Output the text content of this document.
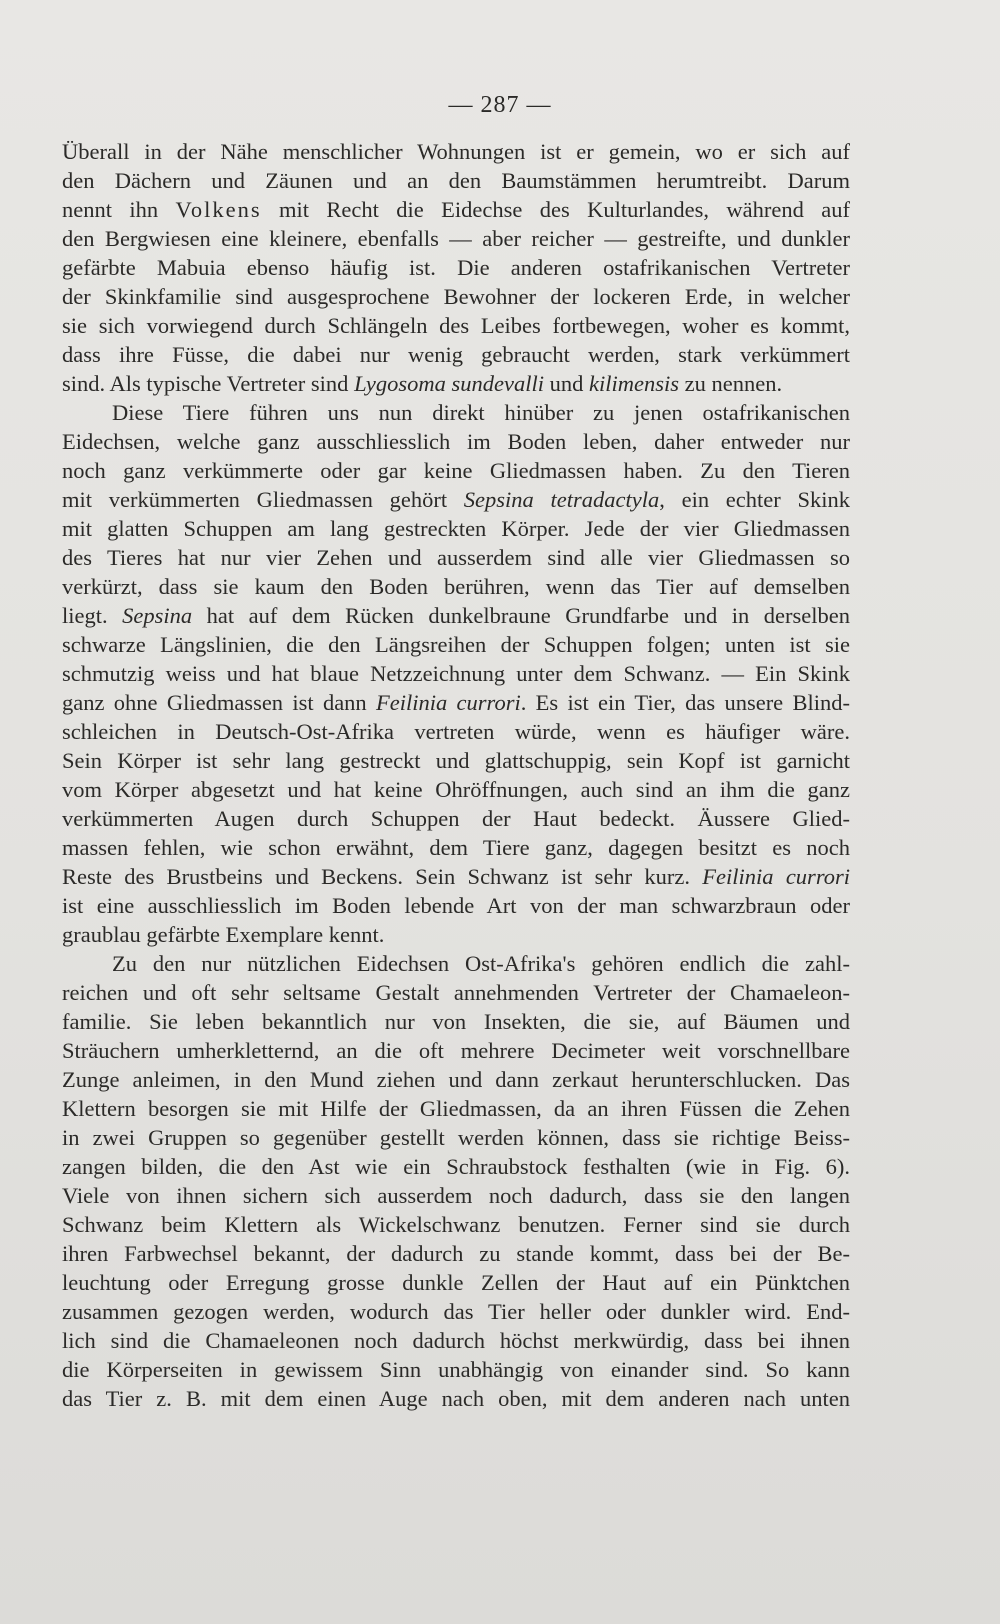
— 287 —
Überall in der Nähe menschlicher Wohnungen ist er gemein, wo er sich auf
den Dächern und Zäunen und an den Baumstämmen herumtreibt. Darum
nennt ihn Volkens mit Recht die Eidechse des Kulturlandes, während auf
den Bergwiesen eine kleinere, ebenfalls — aber reicher — gestreifte, und dunkler
gefärbte Mabuia ebenso häufig ist. Die anderen ostafrikanischen Vertreter
der Skinkfamilie sind ausgesprochene Bewohner der lockeren Erde, in welcher
sie sich vorwiegend durch Schlängeln des Leibes fortbewegen, woher es kommt,
dass ihre Füsse, die dabei nur wenig gebraucht werden, stark verkümmert
sind. Als typische Vertreter sind Lygosoma sundevalli und kilimensis zu nennen.
Diese Tiere führen uns nun direkt hinüber zu jenen ostafrikanischen
Eidechsen, welche ganz ausschliesslich im Boden leben, daher entweder nur
noch ganz verkümmerte oder gar keine Gliedmassen haben. Zu den Tieren
mit verkümmerten Gliedmassen gehört Sepsina tetradactyla, ein echter Skink
mit glatten Schuppen am lang gestreckten Körper. Jede der vier Gliedmassen
des Tieres hat nur vier Zehen und ausserdem sind alle vier Gliedmassen so
verkürzt, dass sie kaum den Boden berühren, wenn das Tier auf demselben
liegt. Sepsina hat auf dem Rücken dunkelbraune Grundfarbe und in derselben
schwarze Längslinien, die den Längsreihen der Schuppen folgen; unten ist sie
schmutzig weiss und hat blaue Netzzeichnung unter dem Schwanz. — Ein Skink
ganz ohne Gliedmassen ist dann Feilinia currori. Es ist ein Tier, das unsere Blind-
schleichen in Deutsch-Ost-Afrika vertreten würde, wenn es häufiger wäre.
Sein Körper ist sehr lang gestreckt und glattschuppig, sein Kopf ist garnicht
vom Körper abgesetzt und hat keine Ohröffnungen, auch sind an ihm die ganz
verkümmerten Augen durch Schuppen der Haut bedeckt. Äussere Glied-
massen fehlen, wie schon erwähnt, dem Tiere ganz, dagegen besitzt es noch
Reste des Brustbeins und Beckens. Sein Schwanz ist sehr kurz. Feilinia currori
ist eine ausschliesslich im Boden lebende Art von der man schwarzbraun oder
graublau gefärbte Exemplare kennt.
Zu den nur nützlichen Eidechsen Ost-Afrika's gehören endlich die zahl-
reichen und oft sehr seltsame Gestalt annehmenden Vertreter der Chamaeleon-
familie. Sie leben bekanntlich nur von Insekten, die sie, auf Bäumen und
Sträuchern umherkletternd, an die oft mehrere Decimeter weit vorschnellbare
Zunge anleimen, in den Mund ziehen und dann zerkaut herunterschlucken. Das
Klettern besorgen sie mit Hilfe der Gliedmassen, da an ihren Füssen die Zehen
in zwei Gruppen so gegenüber gestellt werden können, dass sie richtige Beiss-
zangen bilden, die den Ast wie ein Schraubstock festhalten (wie in Fig. 6).
Viele von ihnen sichern sich ausserdem noch dadurch, dass sie den langen
Schwanz beim Klettern als Wickelschwanz benutzen. Ferner sind sie durch
ihren Farbwechsel bekannt, der dadurch zu stande kommt, dass bei der Be-
leuchtung oder Erregung grosse dunkle Zellen der Haut auf ein Pünktchen
zusammen gezogen werden, wodurch das Tier heller oder dunkler wird. End-
lich sind die Chamaeleonen noch dadurch höchst merkwürdig, dass bei ihnen
die Körperseiten in gewissem Sinn unabhängig von einander sind. So kann
das Tier z. B. mit dem einen Auge nach oben, mit dem anderen nach unten
